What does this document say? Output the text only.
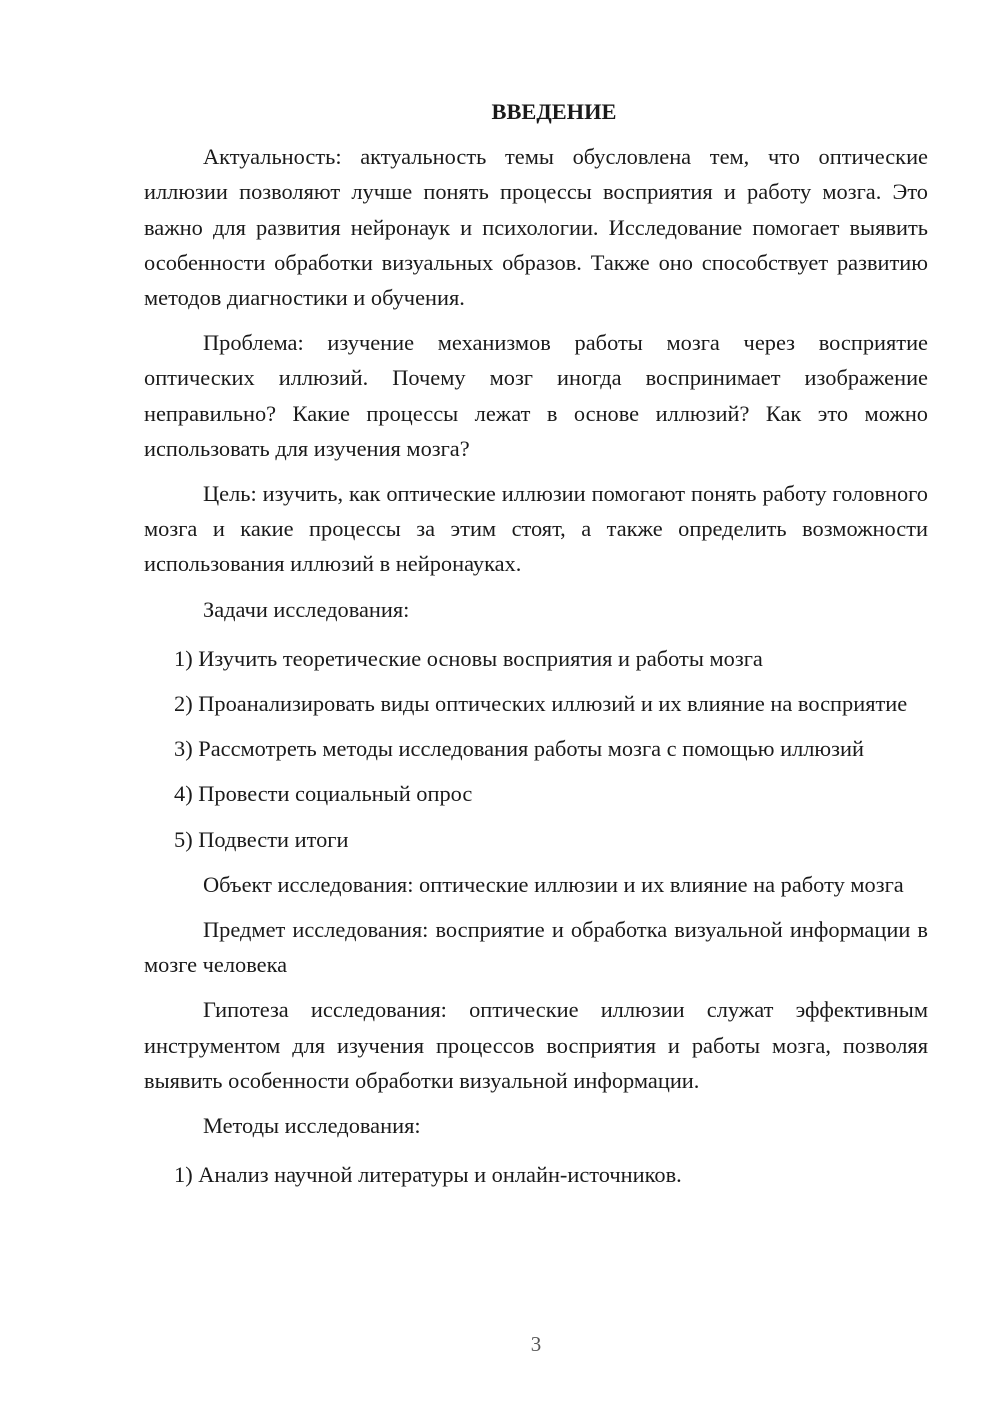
ВВЕДЕНИЕ

Актуальность: актуальность темы обусловлена тем, что оптические иллюзии позволяют лучше понять процессы восприятия и работу мозга. Это важно для развития нейронаук и психологии. Исследование помогает выявить особенности обработки визуальных образов. Также оно способствует развитию методов диагностики и обучения.

Проблема: изучение механизмов работы мозга через восприятие оптических иллюзий. Почему мозг иногда воспринимает изображение неправильно? Какие процессы лежат в основе иллюзий? Как это можно использовать для изучения мозга?

Цель: изучить, как оптические иллюзии помогают понять работу головного мозга и какие процессы за этим стоят, а также определить возможности использования иллюзий в нейронауках.

Задачи исследования:

1) Изучить теоретические основы восприятия и работы мозга

2) Проанализировать виды оптических иллюзий и их влияние на восприятие

3) Рассмотреть методы исследования работы мозга с помощью иллюзий

4) Провести социальный опрос

5) Подвести итоги

Объект исследования: оптические иллюзии и их влияние на работу мозга

Предмет исследования: восприятие и обработка визуальной информации в мозге человека

Гипотеза исследования: оптические иллюзии служат эффективным инструментом для изучения процессов восприятия и работы мозга, позволяя выявить особенности обработки визуальной информации.

Методы исследования:

1) Анализ научной литературы и онлайн-источников.

3
